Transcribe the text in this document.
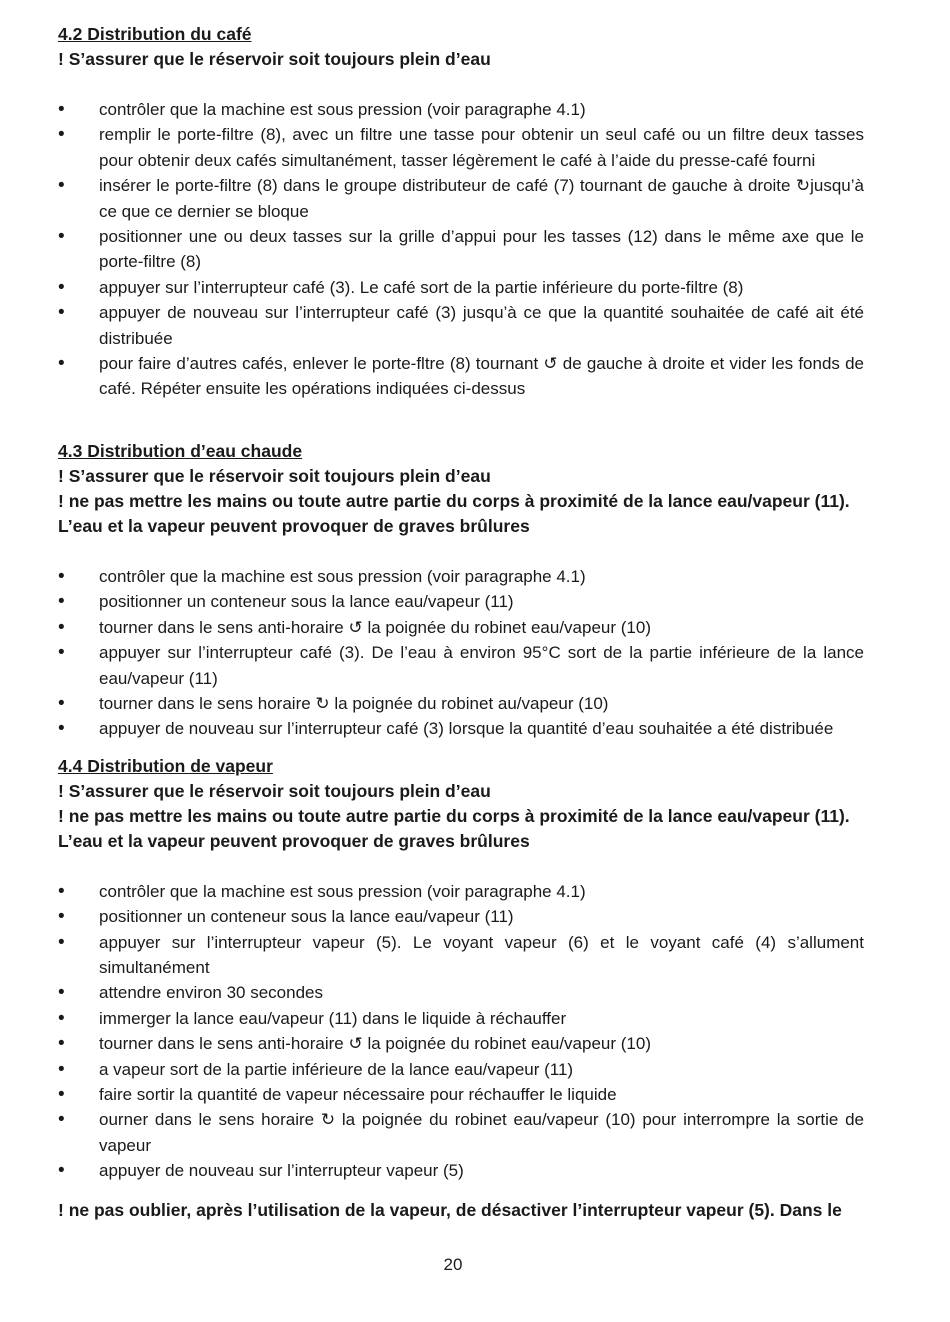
4.2 Distribution du café
! S’assurer que le réservoir soit toujours plein d’eau
• contrôler que la machine est sous pression (voir paragraphe 4.1)
• remplir le porte-filtre (8), avec un filtre une tasse pour obtenir un seul café ou un filtre deux tasses pour obtenir deux cafés simultanément, tasser légèrement le café à l’aide du presse-café fourni
• insérer le porte-filtre (8) dans le groupe distributeur de café (7) tournant de gauche à droite ↻jusqu’à ce que ce dernier se bloque
• positionner une ou deux tasses sur la grille d’appui pour les tasses (12) dans le même axe que le porte-filtre (8)
• appuyer sur l’interrupteur café (3). Le café sort de la partie inférieure du porte-filtre (8)
• appuyer de nouveau sur l’interrupteur café (3) jusqu’à ce que la quantité souhaitée de café ait été distribuée
• pour faire d’autres cafés, enlever le porte-fltre (8) tournant ↺ de gauche à droite et vider les fonds de café. Répéter ensuite les opérations indiquées ci-dessus
4.3 Distribution d’eau chaude
! S’assurer que le réservoir soit toujours plein d’eau
! ne pas mettre les mains ou toute autre partie du corps à proximité de la lance eau/vapeur (11). L’eau et la vapeur peuvent provoquer de graves brûlures
• contrôler que la machine est sous pression (voir paragraphe 4.1)
• positionner un conteneur sous la lance eau/vapeur (11)
• tourner dans le sens anti-horaire ↺ la poignée du robinet eau/vapeur (10)
• appuyer sur l’interrupteur café (3). De l’eau à environ 95°C sort de la partie inférieure de la lance eau/vapeur (11)
• tourner dans le sens horaire ↻ la poignée du robinet au/vapeur (10)
• appuyer de nouveau sur l’interrupteur café (3) lorsque la quantité d’eau souhaitée a été distribuée
4.4 Distribution de vapeur
! S’assurer que le réservoir soit toujours plein d’eau
! ne pas mettre les mains ou toute autre partie du corps à proximité de la lance eau/vapeur (11). L’eau et la vapeur peuvent provoquer de graves brûlures
• contrôler que la machine est sous pression (voir paragraphe 4.1)
• positionner un conteneur sous la lance eau/vapeur (11)
• appuyer sur l’interrupteur vapeur (5). Le voyant vapeur (6) et le voyant café (4) s’allument simultanément
• attendre environ 30 secondes
• immerger la lance eau/vapeur (11) dans le liquide à réchauffer
• tourner dans le sens anti-horaire ↺ la poignée du robinet eau/vapeur (10)
• a vapeur sort de la partie inférieure de la lance eau/vapeur (11)
• faire sortir la quantité de vapeur nécessaire pour réchauffer le liquide
• ourner dans le sens horaire ↻ la poignée du robinet eau/vapeur (10) pour interrompre la sortie de vapeur
• appuyer de nouveau sur l’interrupteur vapeur (5)
! ne pas oublier, après l’utilisation de la vapeur, de désactiver l’interrupteur vapeur (5). Dans le
20
